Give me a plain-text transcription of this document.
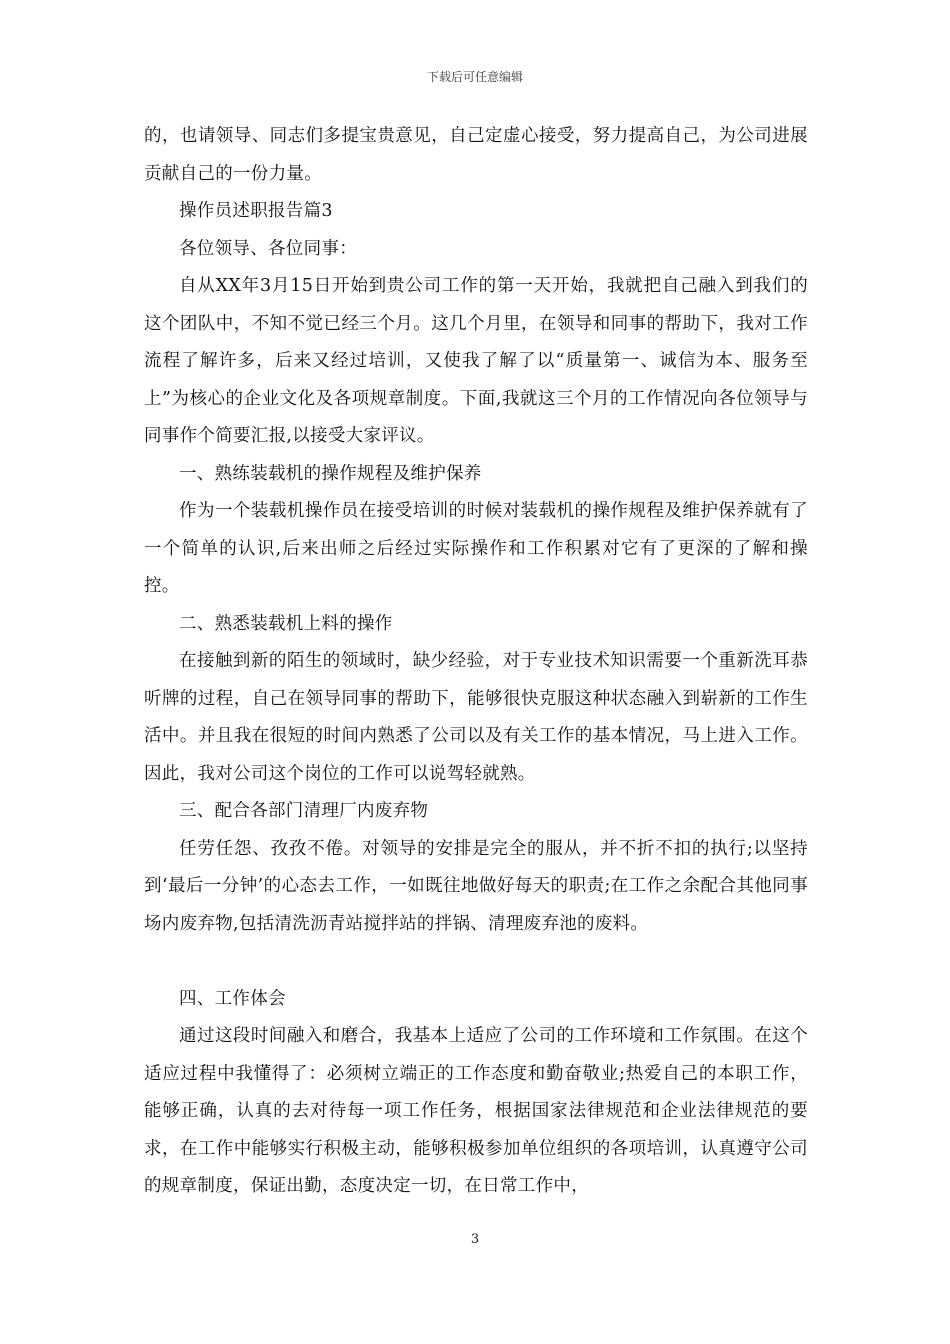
下载后可任意编辑

的，也请领导、同志们多提宝贵意见，自己定虚心接受，努力提高自己，为公司进展贡献自己的一份力量。

操作员述职报告篇3

各位领导、各位同事：

自从XX年3月15日开始到贵公司工作的第一天开始，我就把自己融入到我们的这个团队中，不知不觉已经三个月。这几个月里，在领导和同事的帮助下，我对工作流程了解许多，后来又经过培训，又使我了解了以“质量第一、诚信为本、服务至上”为核心的企业文化及各项规章制度。下面,我就这三个月的工作情况向各位领导与同事作个简要汇报,以接受大家评议。

一、熟练装载机的操作规程及维护保养

作为一个装载机操作员在接受培训的时候对装载机的操作规程及维护保养就有了一个简单的认识,后来出师之后经过实际操作和工作积累对它有了更深的了解和操控。

二、熟悉装载机上料的操作

在接触到新的陌生的领域时，缺少经验，对于专业技术知识需要一个重新洗耳恭听牌的过程，自己在领导同事的帮助下，能够很快克服这种状态融入到崭新的工作生活中。并且我在很短的时间内熟悉了公司以及有关工作的基本情况，马上进入工作。因此，我对公司这个岗位的工作可以说驾轻就熟。

三、配合各部门清理厂内废弃物

任劳任怨、孜孜不倦。对领导的安排是完全的服从，并不折不扣的执行;以坚持到‘最后一分钟’的心态去工作，一如既往地做好每天的职责;在工作之余配合其他同事场内废弃物,包括清洗沥青站搅拌站的拌锅、清理废弃池的废料。

四、工作体会

通过这段时间融入和磨合，我基本上适应了公司的工作环境和工作氛围。在这个适应过程中我懂得了：必须树立端正的工作态度和勤奋敬业;热爱自己的本职工作，能够正确，认真的去对待每一项工作任务，根据国家法律规范和企业法律规范的要求，在工作中能够实行积极主动，能够积极参加单位组织的各项培训，认真遵守公司的规章制度，保证出勤，态度决定一切，在日常工作中，

3
